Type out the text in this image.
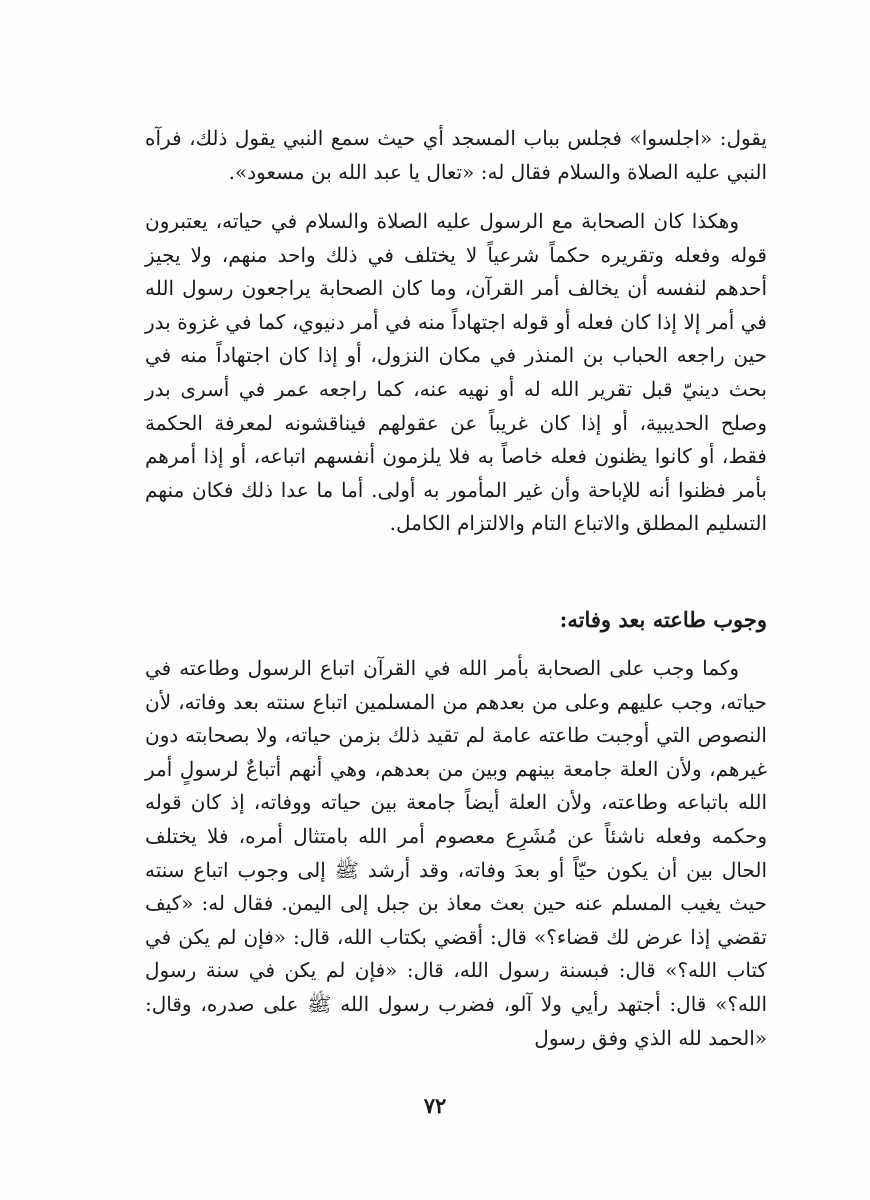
يقول: «اجلسوا» فجلس بباب المسجد أي حيث سمع النبي يقول ذلك، فرآه النبي عليه الصلاة والسلام فقال له: «تعال يا عبد الله بن مسعود».

وهكذا كان الصحابة مع الرسول عليه الصلاة والسلام في حياته، يعتبرون قوله وفعله وتقريره حكماً شرعياً لا يختلف في ذلك واحد منهم، ولا يجيز أحدهم لنفسه أن يخالف أمر القرآن، وما كان الصحابة يراجعون رسول الله في أمر إلا إذا كان فعله أو قوله اجتهاداً منه في أمر دنيوي، كما في غزوة بدر حين راجعه الحباب بن المنذر في مكان النزول، أو إذا كان اجتهاداً منه في بحث دينيّ قبل تقرير الله له أو نهيه عنه، كما راجعه عمر في أسرى بدر وصلح الحديبية، أو إذا كان غريباً عن عقولهم فيناقشونه لمعرفة الحكمة فقط، أو كانوا يظنون فعله خاصاً به فلا يلزمون أنفسهم اتباعه، أو إذا أمرهم بأمر فظنوا أنه للإباحة وأن غير المأمور به أولى. أما ما عدا ذلك فكان منهم التسليم المطلق والاتباع التام والالتزام الكامل.

وجوب طاعته بعد وفاته:

وكما وجب على الصحابة بأمر الله في القرآن اتباع الرسول وطاعته في حياته، وجب عليهم وعلى من بعدهم من المسلمين اتباع سنته بعد وفاته، لأن النصوص التي أوجبت طاعته عامة لم تقيد ذلك بزمن حياته، ولا بصحابته دون غيرهم، ولأن العلة جامعة بينهم وبين من بعدهم، وهي أنهم أتباعٌ لرسولٍ أمر الله باتباعه وطاعته، ولأن العلة أيضاً جامعة بين حياته ووفاته، إذ كان قوله وحكمه وفعله ناشئاً عن مُشَرِع معصوم أمر الله بامتثال أمره، فلا يختلف الحال بين أن يكون حيّاً أو بعدَ وفاته، وقد أرشد ﷺ إلى وجوب اتباع سنته حيث يغيب المسلم عنه حين بعث معاذ بن جبل إلى اليمن. فقال له: «كيف تقضي إذا عرض لك قضاء؟» قال: أقضي بكتاب الله، قال: «فإن لم يكن في كتاب الله؟» قال: فبسنة رسول الله، قال: «فإن لم يكن في سنة رسول الله؟» قال: أجتهد رأيي ولا آلو، فضرب رسول الله ﷺ على صدره، وقال: «الحمد لله الذي وفق رسول

٧٢
